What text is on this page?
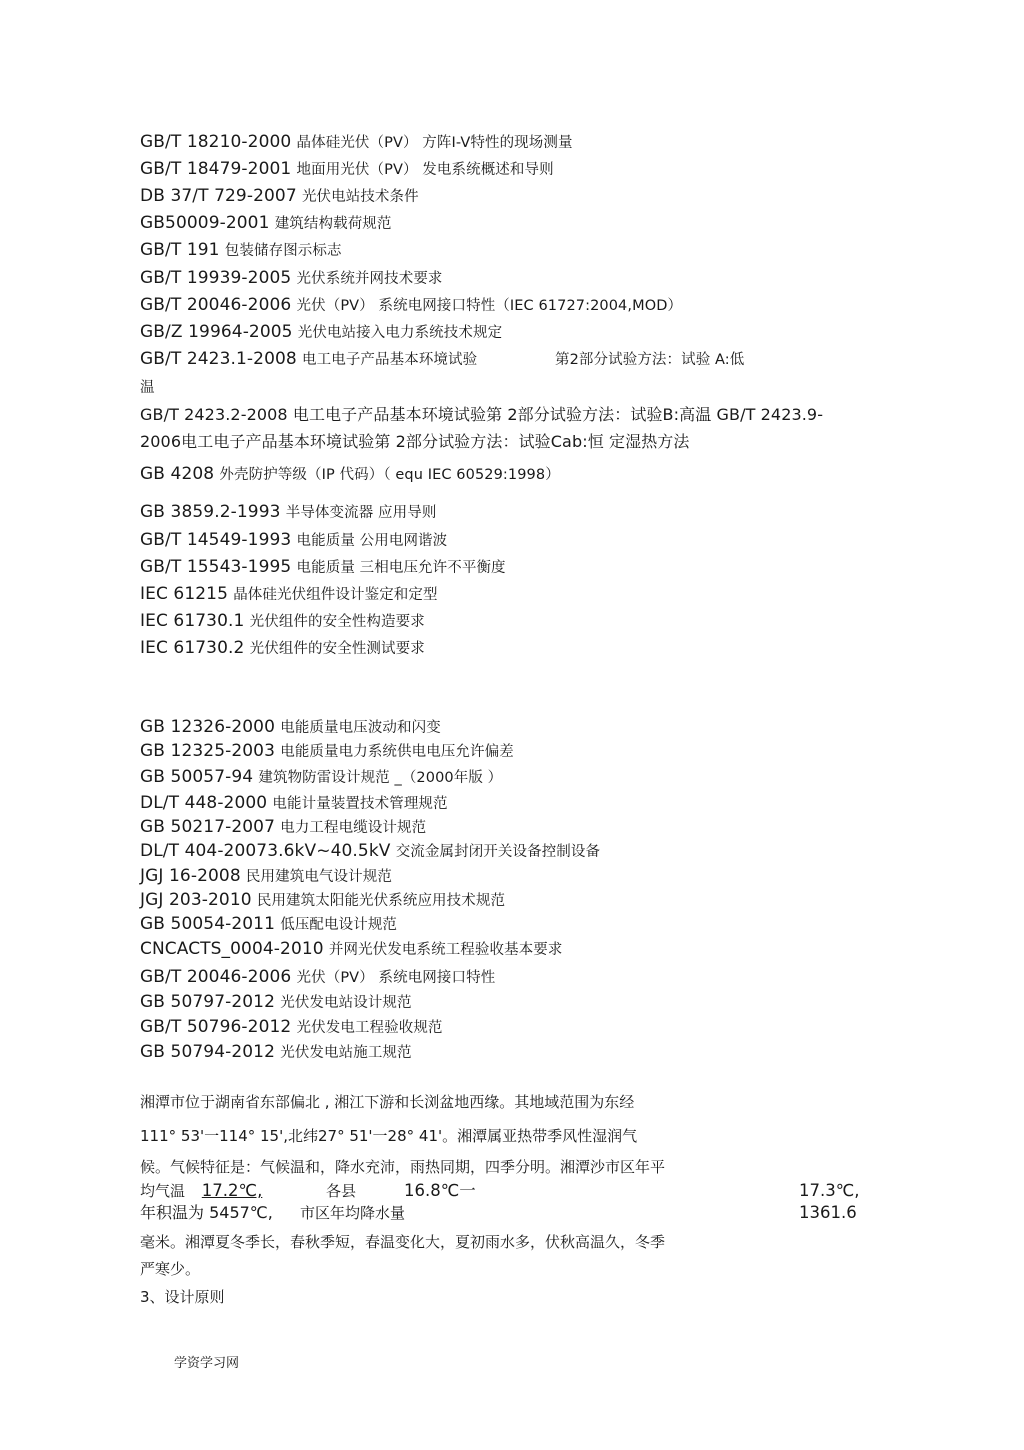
GB/T 18210-2000 晶体硅光伏（PV） 方阵I-V特性的现场测量
GB/T 18479-2001 地面用光伏（PV） 发电系统概述和导则
DB 37/T 729-2007 光伏电站技术条件
GB50009-2001 建筑结构载荷规范
GB/T 191 包装储存图示标志
GB/T 19939-2005 光伏系统并网技术要求
GB/T 20046-2006 光伏（PV） 系统电网接口特性（IEC 61727:2004,MOD）
GB/Z 19964-2005 光伏电站接入电力系统技术规定
GB/T 2423.1-2008 电工电子产品基本环境试验	第2部分试验方法：试验 A:低
温
GB/T 2423.2-2008 电工电子产品基本环境试验第 2部分试验方法：试验B:高温 GB/T 2423.9-
2006电工电子产品基本环境试验第 2部分试验方法：试验Cab:恒 定湿热方法
GB 4208 外壳防护等级（IP 代码）（ equ IEC 60529:1998）
GB 3859.2-1993 半导体变流器 应用导则
GB/T 14549-1993 电能质量 公用电网谐波
GB/T 15543-1995 电能质量 三相电压允许不平衡度
IEC 61215 晶体硅光伏组件设计鉴定和定型
IEC 61730.1 光伏组件的安全性构造要求
IEC 61730.2 光伏组件的安全性测试要求
GB 12326-2000 电能质量电压波动和闪变
GB 12325-2003 电能质量电力系统供电电压允许偏差
GB 50057-94 建筑物防雷设计规范 _（2000年版 ）
DL/T 448-2000 电能计量装置技术管理规范
GB 50217-2007 电力工程电缆设计规范
DL/T 404-20073.6kV~40.5kV 交流金属封闭开关设备控制设备
JGJ 16-2008 民用建筑电气设计规范
JGJ 203-2010 民用建筑太阳能光伏系统应用技术规范
GB 50054-2011 低压配电设计规范
CNCACTS_0004-2010 并网光伏发电系统工程验收基本要求
GB/T 20046-2006 光伏（PV） 系统电网接口特性
GB 50797-2012 光伏发电站设计规范
GB/T 50796-2012 光伏发电工程验收规范
GB 50794-2012 光伏发电站施工规范
湘潭市位于湖南省东部偏北 , 湘江下游和长浏盆地西缘。其地域范围为东经
111° 53'一114° 15',北纬27° 51'一28° 41'。湘潭属亚热带季风性湿润气
候。气候特征是：气候温和，降水充沛，雨热同期，四季分明。湘潭沙市区年平
均气温 17.2℃,	各县	16.8℃一	17.3℃,
年积温为 5457℃, 市区年均降水量	1361.6
毫米。湘潭夏冬季长，春秋季短，春温变化大，夏初雨水多，伏秋高温久，冬季
严寒少。
3、设计原则
学资学习网
